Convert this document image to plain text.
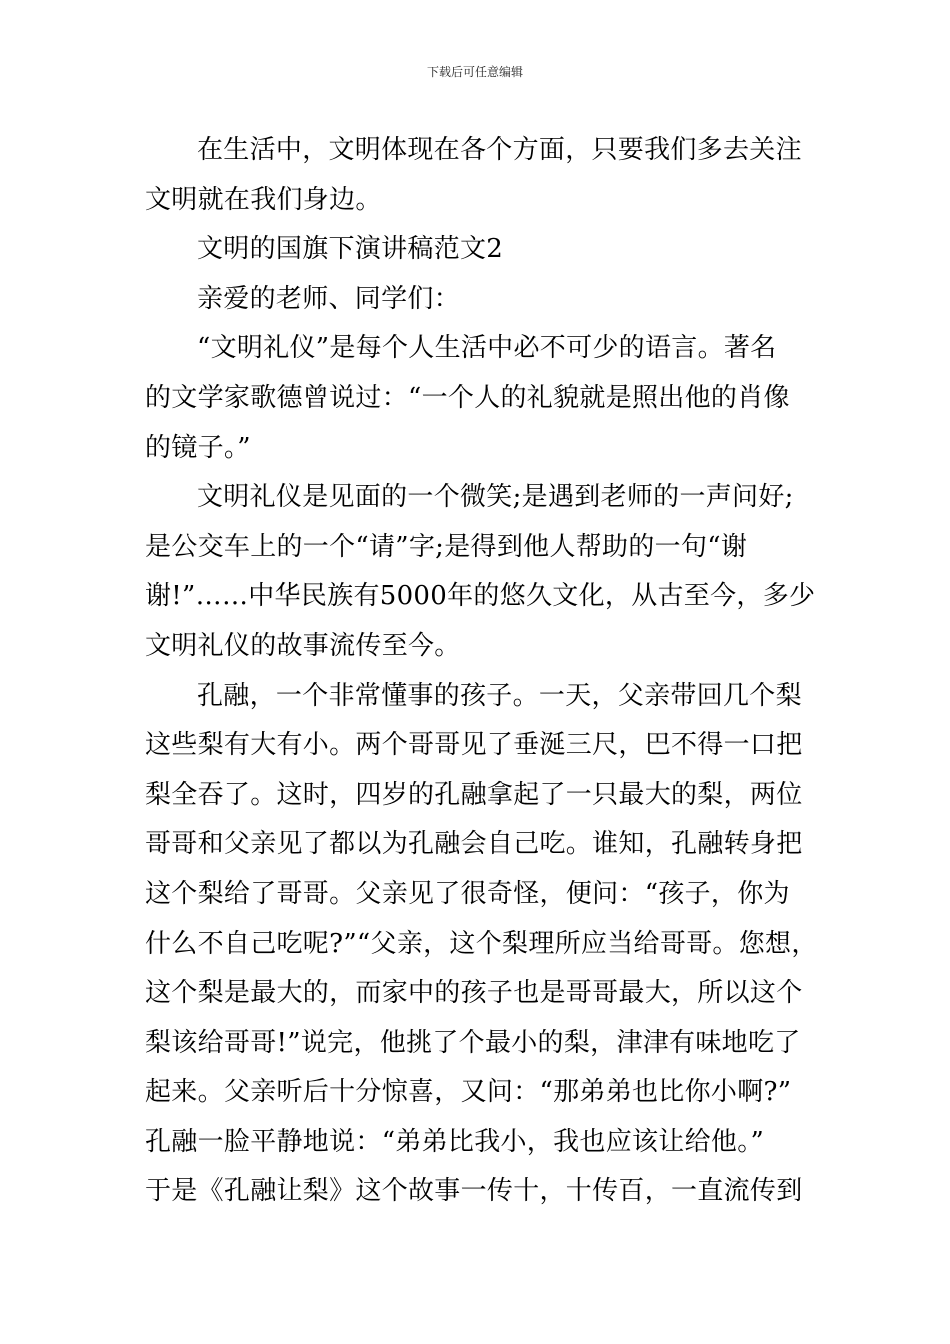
下载后可任意编辑
在生活中，文明体现在各个方面，只要我们多去关注
文明就在我们身边。
文明的国旗下演讲稿范文2
亲爱的老师、同学们：
“文明礼仪”是每个人生活中必不可少的语言。著名
的文学家歌德曾说过：“一个人的礼貌就是照出他的肖像
的镜子。”
文明礼仪是见面的一个微笑;是遇到老师的一声问好;
是公交车上的一个“请”字;是得到他人帮助的一句“谢
谢!”……中华民族有5000年的悠久文化，从古至今，多少
文明礼仪的故事流传至今。
孔融，一个非常懂事的孩子。一天，父亲带回几个梨
这些梨有大有小。两个哥哥见了垂涎三尺，巴不得一口把
梨全吞了。这时，四岁的孔融拿起了一只最大的梨，两位
哥哥和父亲见了都以为孔融会自己吃。谁知，孔融转身把
这个梨给了哥哥。父亲见了很奇怪，便问：“孩子，你为
什么不自己吃呢?”“父亲，这个梨理所应当给哥哥。您想，
这个梨是最大的，而家中的孩子也是哥哥最大，所以这个
梨该给哥哥!”说完，他挑了个最小的梨，津津有味地吃了
起来。父亲听后十分惊喜，又问：“那弟弟也比你小啊?”
孔融一脸平静地说：“弟弟比我小，我也应该让给他。”
于是《孔融让梨》这个故事一传十，十传百，一直流传到
